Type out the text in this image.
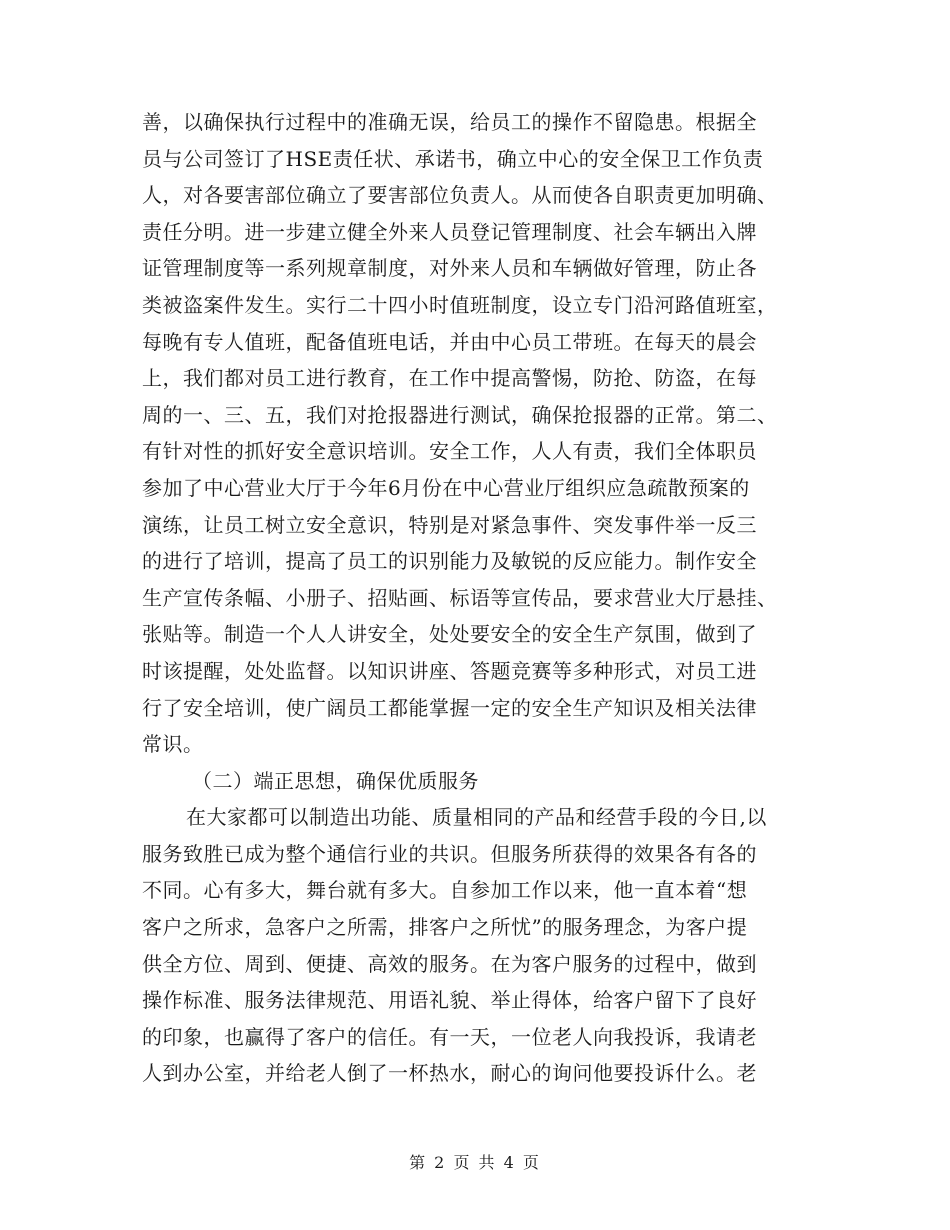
善，以确保执行过程中的准确无误，给员工的操作不留隐患。根据全
员与公司签订了HSE责任状、承诺书，确立中心的安全保卫工作负责
人，对各要害部位确立了要害部位负责人。从而使各自职责更加明确、
责任分明。进一步建立健全外来人员登记管理制度、社会车辆出入牌
证管理制度等一系列规章制度，对外来人员和车辆做好管理，防止各
类被盗案件发生。实行二十四小时值班制度，设立专门沿河路值班室，
每晚有专人值班，配备值班电话，并由中心员工带班。在每天的晨会
上，我们都对员工进行教育，在工作中提高警惕，防抢、防盗，在每
周的一、三、五，我们对抢报器进行测试，确保抢报器的正常。第二、
有针对性的抓好安全意识培训。安全工作，人人有责，我们全体职员
参加了中心营业大厅于今年6月份在中心营业厅组织应急疏散预案的
演练，让员工树立安全意识，特别是对紧急事件、突发事件举一反三
的进行了培训，提高了员工的识别能力及敏锐的反应能力。制作安全
生产宣传条幅、小册子、招贴画、标语等宣传品，要求营业大厅悬挂、
张贴等。制造一个人人讲安全，处处要安全的安全生产氛围，做到了
时该提醒，处处监督。以知识讲座、答题竞赛等多种形式，对员工进
行了安全培训，使广阔员工都能掌握一定的安全生产知识及相关法律
常识。
（二）端正思想，确保优质服务
在大家都可以制造出功能、质量相同的产品和经营手段的今日,以
服务致胜已成为整个通信行业的共识。但服务所获得的效果各有各的
不同。心有多大，舞台就有多大。自参加工作以来，他一直本着“想
客户之所求，急客户之所需，排客户之所忧”的服务理念，为客户提
供全方位、周到、便捷、高效的服务。在为客户服务的过程中，做到
操作标准、服务法律规范、用语礼貌、举止得体，给客户留下了良好
的印象，也赢得了客户的信任。有一天，一位老人向我投诉，我请老
人到办公室，并给老人倒了一杯热水，耐心的询问他要投诉什么。老
第 2 页 共 4 页
